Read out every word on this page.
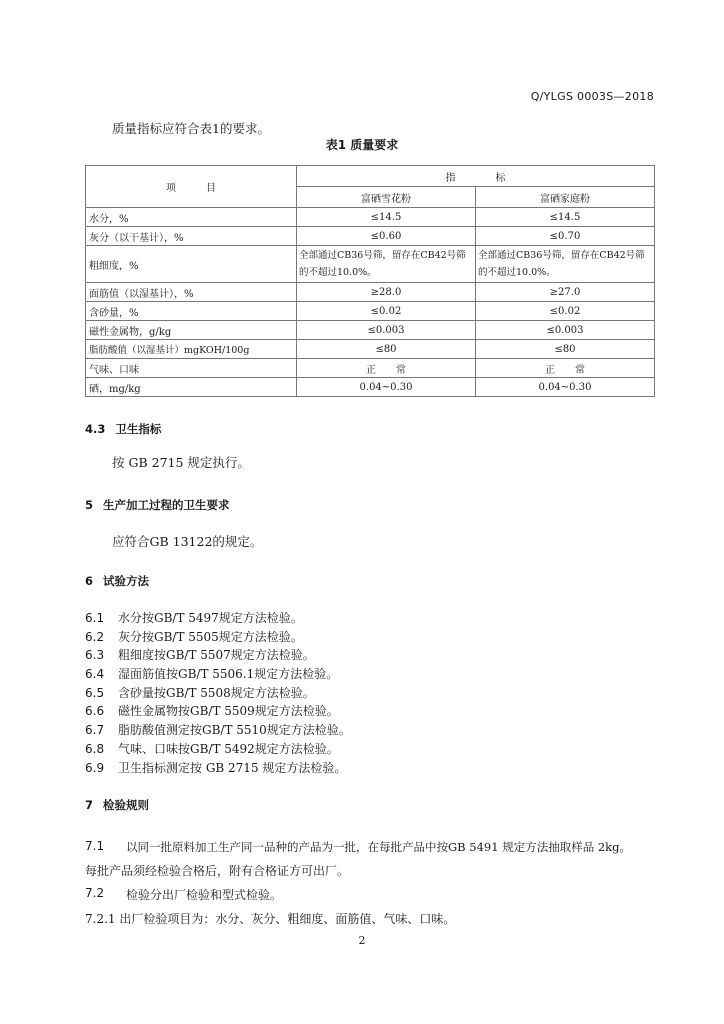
Q/YLGS 0003S—2018
质量指标应符合表1的要求。
表1 质量要求
项　　　目	指　　　　标	
	富硒雪花粉	富硒家庭粉
水分，%	≤14.5	≤14.5
灰分（以干基计），%	≤0.60	≤0.70
粗细度，%	全部通过CB36号筛，留存在CB42号筛的不超过10.0%。	全部通过CB36号筛，留存在CB42号筛的不超过10.0%。
面筋值（以湿基计），%	≥28.0	≥27.0
含砂量，%	≤0.02	≤0.02
磁性金属物，g/kg	≤0.003	≤0.003
脂肪酸值（以湿基计）mgKOH/100g	≤80	≤80
气味、口味	正　　常	正　　常
硒，mg/kg	0.04~0.30	0.04~0.30
4.3 卫生指标
按 GB 2715 规定执行。
5 生产加工过程的卫生要求
应符合GB 13122的规定。
6 试验方法
6.1 水分按GB/T 5497规定方法检验。
6.2 灰分按GB/T 5505规定方法检验。
6.3 粗细度按GB/T 5507规定方法检验。
6.4 湿面筋值按GB/T 5506.1规定方法检验。
6.5 含砂量按GB/T 5508规定方法检验。
6.6 磁性金属物按GB/T 5509规定方法检验。
6.7 脂肪酸值测定按GB/T 5510规定方法检验。
6.8 气味、口味按GB/T 5492规定方法检验。
6.9 卫生指标测定按 GB 2715 规定方法检验。
7 检验规则
7.1 以同一批原料加工生产同一品种的产品为一批，在每批产品中按GB 5491 规定方法抽取样品 2kg。
每批产品须经检验合格后，附有合格证方可出厂。
7.2 检验分出厂检验和型式检验。
7.2.1 出厂检验项目为：水分、灰分、粗细度、面筋值、气味、口味。
2
